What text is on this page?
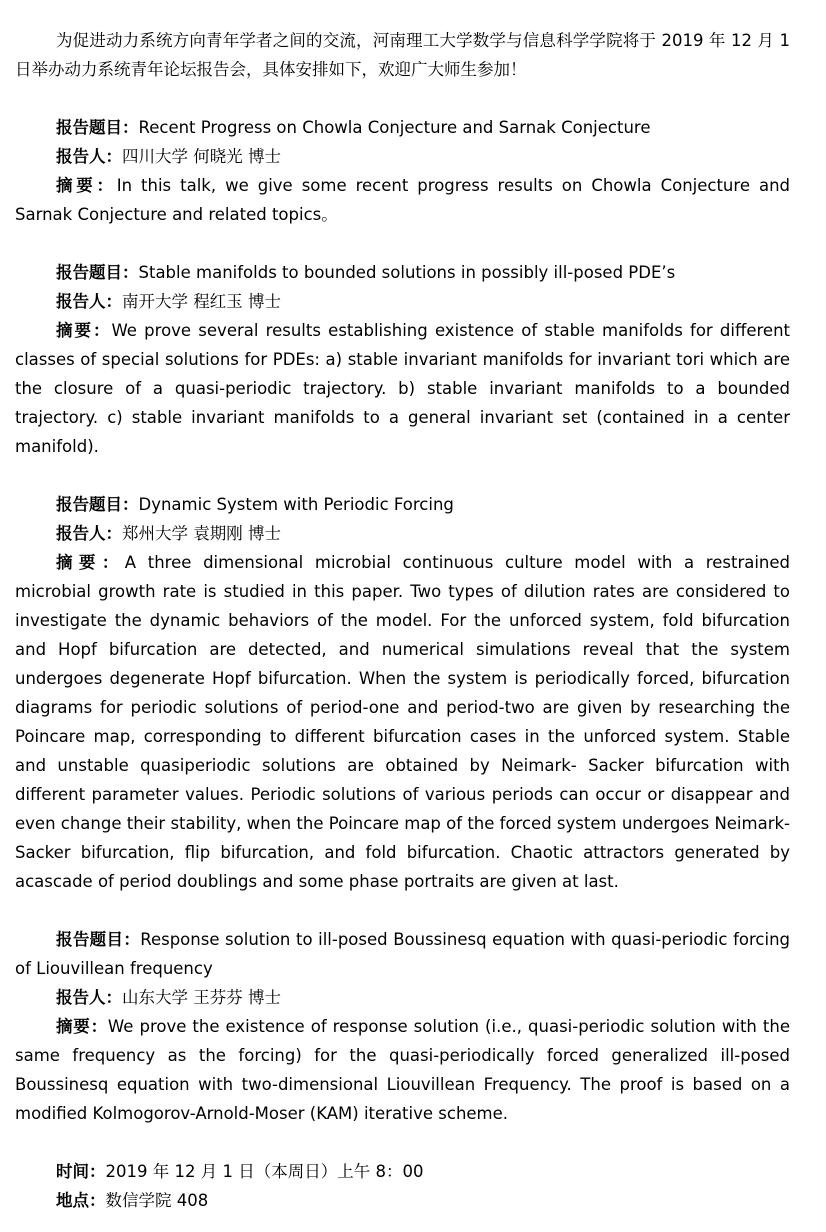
为促进动力系统方向青年学者之间的交流，河南理工大学数学与信息科学学院将于 2019 年 12 月 1 日举办动力系统青年论坛报告会，具体安排如下，欢迎广大师生参加！

报告题目：Recent Progress on Chowla Conjecture and Sarnak Conjecture

报告人：四川大学 何晓光 博士

摘要：In this talk, we give some recent progress results on Chowla Conjecture and Sarnak Conjecture and related topics。

报告题目：Stable manifolds to bounded solutions in possibly ill-posed PDE’s

报告人：南开大学 程红玉 博士

摘要：We prove several results establishing existence of stable manifolds for different classes of special solutions for PDEs: a) stable invariant manifolds for invariant tori which are the closure of a quasi-periodic trajectory. b) stable invariant manifolds to a bounded trajectory. c) stable invariant manifolds to a general invariant set (contained in a center manifold).

报告题目：Dynamic System with Periodic Forcing

报告人：郑州大学 袁期刚 博士

摘要：A three dimensional microbial continuous culture model with a restrained microbial growth rate is studied in this paper. Two types of dilution rates are considered to investigate the dynamic behaviors of the model. For the unforced system, fold bifurcation and Hopf bifurcation are detected, and numerical simulations reveal that the system undergoes degenerate Hopf bifurcation. When the system is periodically forced, bifurcation diagrams for periodic solutions of period-one and period-two are given by researching the Poincare map, corresponding to different bifurcation cases in the unforced system. Stable and unstable quasiperiodic solutions are obtained by Neimark- Sacker bifurcation with different parameter values. Periodic solutions of various periods can occur or disappear and even change their stability, when the Poincare map of the forced system undergoes Neimark-Sacker bifurcation, flip bifurcation, and fold bifurcation. Chaotic attractors generated by acascade of period doublings and some phase portraits are given at last.

报告题目：Response solution to ill-posed Boussinesq equation with quasi-periodic forcing of Liouvillean frequency

报告人：山东大学 王芬芬 博士

摘要：We prove the existence of response solution (i.e., quasi-periodic solution with the same frequency as the forcing) for the quasi-periodically forced generalized ill-posed Boussinesq equation with two-dimensional Liouvillean Frequency. The proof is based on a modified Kolmogorov-Arnold-Moser (KAM) iterative scheme.

时间：2019 年 12 月 1 日（本周日）上午 8：00

地点：数信学院 408
